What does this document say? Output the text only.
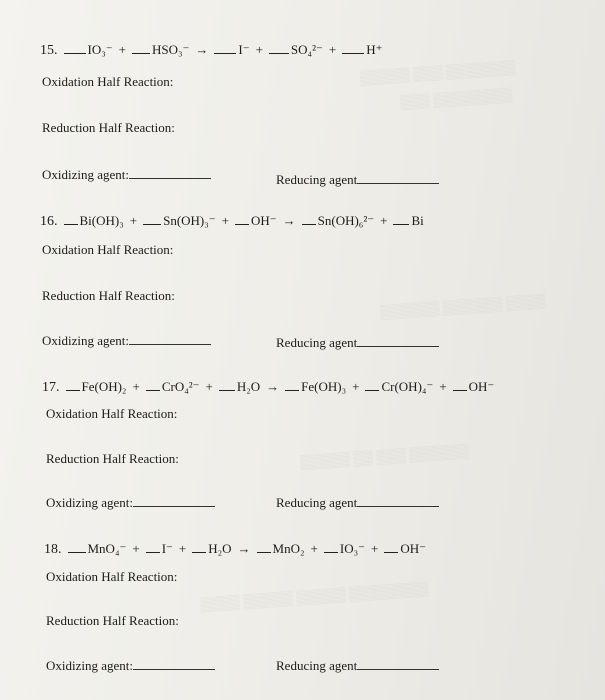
▒▒▒▒▒ ▒▒▒ ▒▒▒▒▒▒▒
▒▒▒ ▒▒▒▒▒▒▒▒
▒▒▒▒▒▒ ▒▒▒▒▒▒ ▒▒▒▒
▒▒▒▒▒ ▒▒ ▒▒▒ ▒▒▒▒▒▒
▒▒▒▒ ▒▒▒▒▒ ▒▒▒▒▒ ▒▒▒▒▒▒▒▒
15. IO₃⁻ + HSO₃⁻ → I⁻ + SO₄²⁻ + H⁺
Oxidation Half Reaction:
Reduction Half Reaction:
Oxidizing agent:	Reducing agent
16. Bi(OH)₃ + Sn(OH)₃⁻ + OH⁻ → Sn(OH)₆²⁻ + Bi
Oxidation Half Reaction:
Reduction Half Reaction:
Oxidizing agent:	Reducing agent
17. Fe(OH)₂ + CrO₄²⁻ + H₂O → Fe(OH)₃ + Cr(OH)₄⁻ + OH⁻
Oxidation Half Reaction:
Reduction Half Reaction:
Oxidizing agent:	Reducing agent
18. MnO₄⁻ + I⁻ + H₂O → MnO₂ + IO₃⁻ + OH⁻
Oxidation Half Reaction:
Reduction Half Reaction:
Oxidizing agent:	Reducing agent
